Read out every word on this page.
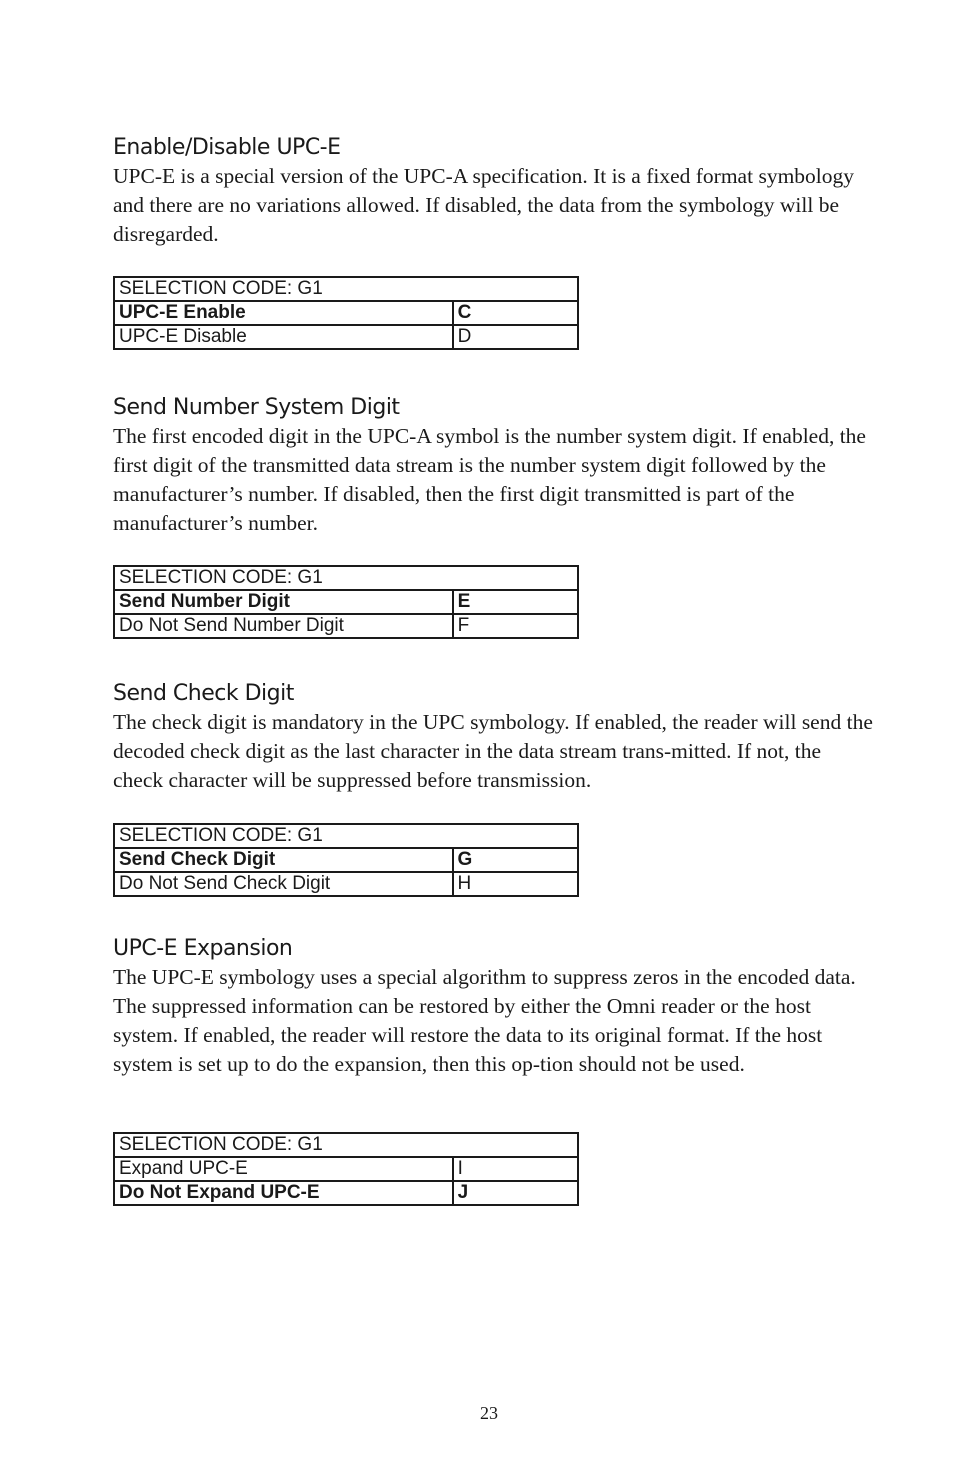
Enable/Disable UPC-E

UPC-E is a special version of the UPC-A specification. It is a fixed format symbology and there are no variations allowed. If disabled, the data from the symbology will be disregarded.

SELECTION CODE: G1	
UPC-E Enable	C
UPC-E Disable	D
Send Number System Digit

The first encoded digit in the UPC-A symbol is the number system digit. If enabled, the first digit of the transmitted data stream is the number system digit followed by the manufacturer’s number. If disabled, then the first digit transmitted is part of the manufacturer’s number.

SELECTION CODE: G1	
Send Number Digit	E
Do Not Send Number Digit	F
Send Check Digit

The check digit is mandatory in the UPC symbology. If enabled, the reader will send the decoded check digit as the last character in the data stream trans-mitted. If not, the check character will be suppressed before transmission.

SELECTION CODE: G1	
Send Check Digit	G
Do Not Send Check Digit	H
UPC-E Expansion

The UPC-E symbology uses a special algorithm to suppress zeros in the encoded data. The suppressed information can be restored by either the Omni reader or the host system. If enabled, the reader will restore the data to its original format. If the host system is set up to do the expansion, then this op-tion should not be used.

SELECTION CODE: G1	
Expand UPC-E	I
Do Not Expand UPC-E	J
23
